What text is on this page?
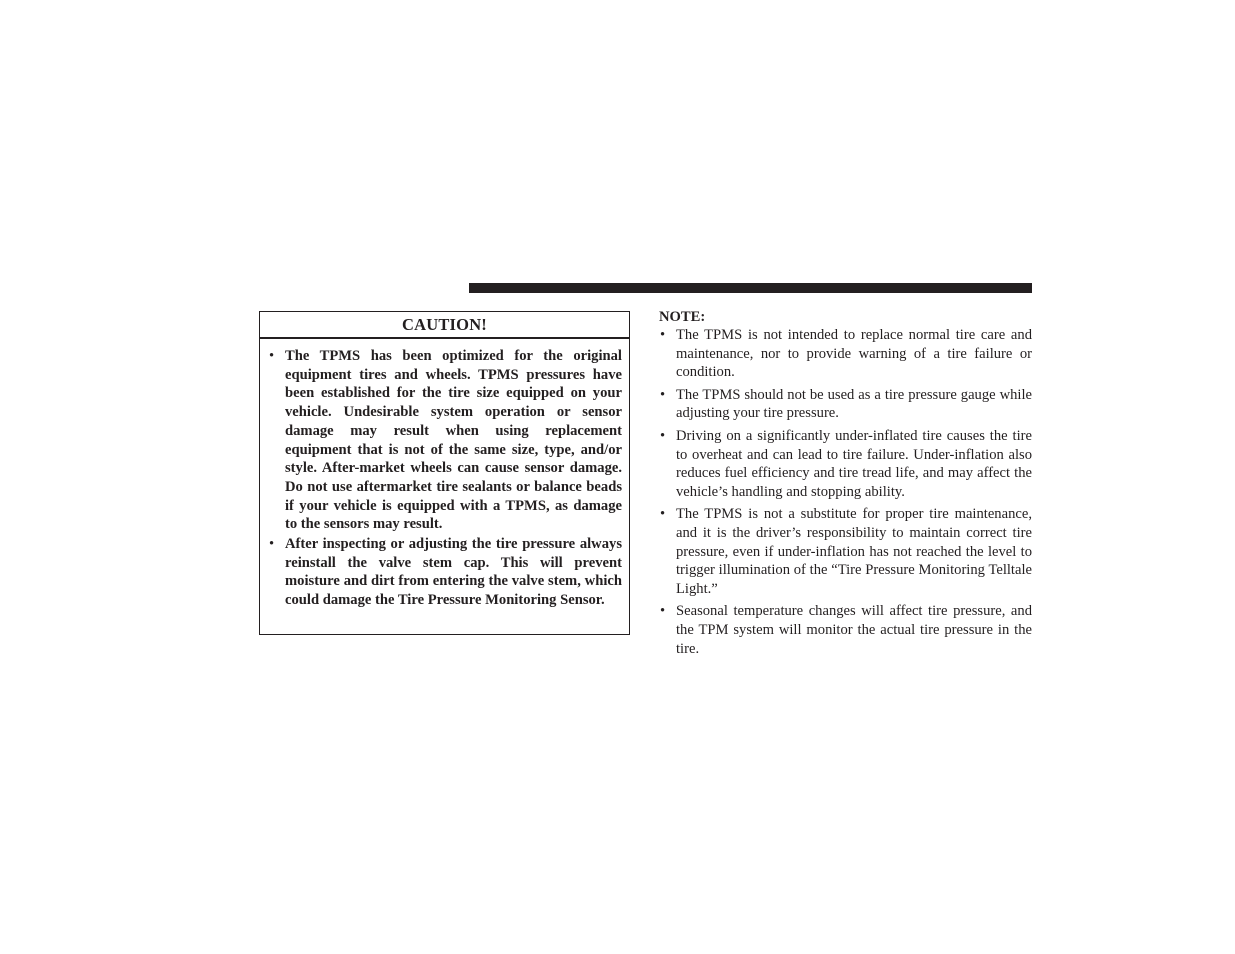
CAUTION!
• The TPMS has been optimized for the original equipment tires and wheels. TPMS pressures have been established for the tire size equipped on your vehicle. Undesirable system operation or sensor damage may result when using replacement equipment that is not of the same size, type, and/or style. After-market wheels can cause sensor damage. Do not use aftermarket tire sealants or balance beads if your vehicle is equipped with a TPMS, as damage to the sensors may result.
• After inspecting or adjusting the tire pressure always reinstall the valve stem cap. This will prevent moisture and dirt from entering the valve stem, which could damage the Tire Pressure Monitoring Sensor.
NOTE:
• The TPMS is not intended to replace normal tire care and maintenance, nor to provide warning of a tire failure or condition.
• The TPMS should not be used as a tire pressure gauge while adjusting your tire pressure.
• Driving on a significantly under-inflated tire causes the tire to overheat and can lead to tire failure. Under-inflation also reduces fuel efficiency and tire tread life, and may affect the vehicle’s handling and stopping ability.
• The TPMS is not a substitute for proper tire maintenance, and it is the driver’s responsibility to maintain correct tire pressure, even if under-inflation has not reached the level to trigger illumination of the “Tire Pressure Monitoring Telltale Light.”
• Seasonal temperature changes will affect tire pressure, and the TPM system will monitor the actual tire pressure in the tire.
